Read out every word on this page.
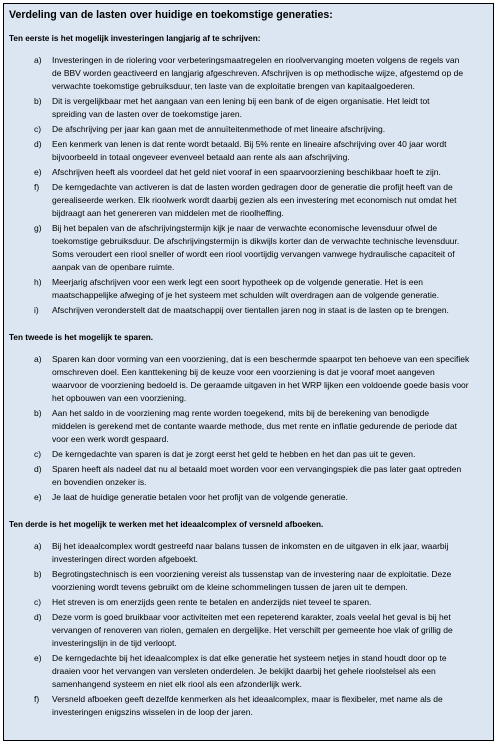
Verdeling van de lasten over huidige en toekomstige generaties:
Ten eerste is het mogelijk investeringen langjarig af te schrijven:
a)	Investeringen in de riolering voor verbeteringsmaatregelen en rioolvervanging moeten volgens de regels van
de BBV worden geactiveerd en langjarig afgeschreven. Afschrijven is op methodische wijze, afgestemd op de
verwachte toekomstige gebruiksduur, ten laste van de exploitatie brengen van kapitaalgoederen.
b)	Dit is vergelijkbaar met het aangaan van een lening bij een bank of de eigen organisatie. Het leidt tot
spreiding van de lasten over de toekomstige jaren.
c)	De afschrijving per jaar kan gaan met de annuïteitenmethode of met lineaire afschrijving.
d)	Een kenmerk van lenen is dat rente wordt betaald. Bij 5% rente en lineaire afschrijving over 40 jaar wordt
bijvoorbeeld in totaal ongeveer evenveel betaald aan rente als aan afschrijving.
e)	Afschrijven heeft als voordeel dat het geld niet vooraf in een spaarvoorziening beschikbaar hoeft te zijn.
f)	De kerngedachte van activeren is dat de lasten worden gedragen door de generatie die profijt heeft van de
gerealiseerde werken. Elk rioolwerk wordt daarbij gezien als een investering met economisch nut omdat het
bijdraagt aan het genereren van middelen met de rioolheffing.
g)	Bij het bepalen van de afschrijvingstermijn kijk je naar de verwachte economische levensduur ofwel de
toekomstige gebruiksduur. De afschrijvingstermijn is dikwijls korter dan de verwachte technische levensduur.
Soms veroudert een riool sneller of wordt een riool voortijdig vervangen vanwege hydraulische capaciteit of
aanpak van de openbare ruimte.
h)	Meerjarig afschrijven voor een werk legt een soort hypotheek op de volgende generatie. Het is een
maatschappelijke afweging of je het systeem met schulden wilt overdragen aan de volgende generatie.
i)	Afschrijven veronderstelt dat de maatschappij over tientallen jaren nog in staat is de lasten op te brengen.
Ten tweede is het mogelijk te sparen.
a)	Sparen kan door vorming van een voorziening, dat is een beschermde spaarpot ten behoeve van een specifiek
omschreven doel. Een kanttekening bij de keuze voor een voorziening is dat je vooraf moet aangeven
waarvoor de voorziening bedoeld is. De geraamde uitgaven in het WRP lijken een voldoende goede basis voor
het opbouwen van een voorziening.
b)	Aan het saldo in de voorziening mag rente worden toegekend, mits bij de berekening van benodigde
middelen is gerekend met de contante waarde methode, dus met rente en inflatie gedurende de periode dat
voor een werk wordt gespaard.
c)	De kerngedachte van sparen is dat je zorgt eerst het geld te hebben en het dan pas uit te geven.
d)	Sparen heeft als nadeel dat nu al betaald moet worden voor een vervangingspiek die pas later gaat optreden
en bovendien onzeker is.
e)	Je laat de huidige generatie betalen voor het profijt van de volgende generatie.
Ten derde is het mogelijk te werken met het ideaalcomplex of versneld afboeken.
a)	Bij het ideaalcomplex wordt gestreefd naar balans tussen de inkomsten en de uitgaven in elk jaar, waarbij
investeringen direct worden afgeboekt.
b)	Begrotingstechnisch is een voorziening vereist als tussenstap van de investering naar de exploitatie. Deze
voorziening wordt tevens gebruikt om de kleine schommelingen tussen de jaren uit te dempen.
c)	Het streven is om enerzijds geen rente te betalen en anderzijds niet teveel te sparen.
d)	Deze vorm is goed bruikbaar voor activiteiten met een repeterend karakter, zoals veelal het geval is bij het
vervangen of renoveren van riolen, gemalen en dergelijke. Het verschilt per gemeente hoe vlak of grillig de
investeringslijn in de tijd verloopt.
e)	De kerngedachte bij het ideaalcomplex is dat elke generatie het systeem netjes in stand houdt door op te
draaien voor het vervangen van versleten onderdelen. Je bekijkt daarbij het gehele rioolstelsel als een
samenhangend systeem en niet elk riool als een afzonderlijk werk.
f)	Versneld afboeken geeft dezelfde kenmerken als het ideaalcomplex, maar is flexibeler, met name als de
investeringen enigszins wisselen in de loop der jaren.
